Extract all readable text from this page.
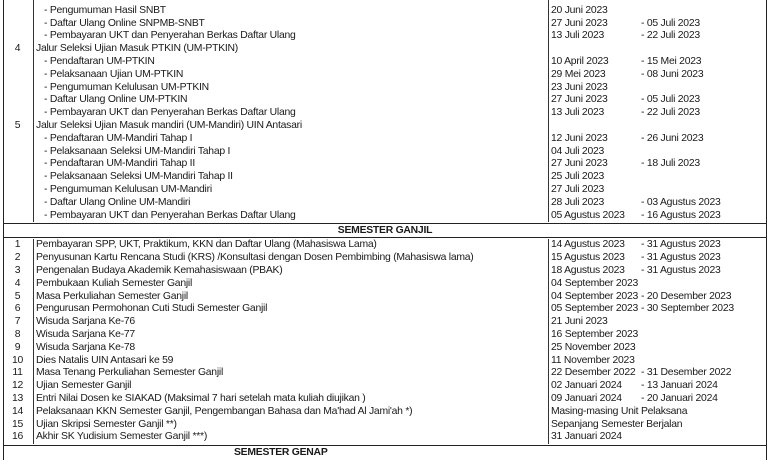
- Pengumuman Hasil SNBT	20 Juni 2023
- Daftar Ulang Online SNPMB-SNBT	27 Juni 2023	- 05 Juli 2023
- Pembayaran UKT dan Penyerahan Berkas Daftar Ulang	13 Juli 2023	- 22 Juli 2023
4	Jalur Seleksi Ujian Masuk PTKIN (UM-PTKIN)
- Pendaftaran UM-PTKIN	10 April 2023	- 15 Mei 2023
- Pelaksanaan Ujian UM-PTKIN	29 Mei 2023	- 08 Juni 2023
- Pengumuman Kelulusan UM-PTKIN	23 Juni 2023
- Daftar Ulang Online UM-PTKIN	27 Juni 2023	- 05 Juli 2023
- Pembayaran UKT dan Penyerahan Berkas Daftar Ulang	13 Juli 2023	- 22 Juli 2023
5	Jalur Seleksi Ujian Masuk mandiri (UM-Mandiri) UIN Antasari
- Pendaftaran UM-Mandiri Tahap I	12 Juni 2023	- 26 Juni 2023
- Pelaksanaan Seleksi UM-Mandiri Tahap I	04 Juli 2023
- Pendaftaran UM-Mandiri Tahap II	27 Juni 2023	- 18 Juli 2023
- Pelaksanaan Seleksi UM-Mandiri Tahap II	25 Juli 2023
- Pengumuman Kelulusan UM-Mandiri	27 Juli 2023
- Daftar Ulang Online UM-Mandiri	28 Juli 2023	- 03 Agustus 2023
- Pembayaran UKT dan Penyerahan Berkas Daftar Ulang	05 Agustus 2023 - 16 Agustus 2023
SEMESTER GANJIL
1	Pembayaran SPP, UKT, Praktikum, KKN dan Daftar Ulang (Mahasiswa Lama)	14 Agustus 2023 - 31 Agustus 2023
2	Penyusunan Kartu Rencana Studi (KRS) /Konsultasi dengan Dosen Pembimbing (Mahasiswa lama)	15 Agustus 2023 - 31 Agustus 2023
3	Pengenalan Budaya Akademik Kemahasiswaan (PBAK)	18 Agustus 2023 - 31 Agustus 2023
4	Pembukaan Kuliah Semester Ganjil	04 September 2023
5	Masa Perkuliahan Semester Ganjil	04 September 2023 - 20 Desember 2023
6	Pengurusan Permohonan Cuti Studi Semester Ganjil	05 September 2023 - 30 September 2023
7	Wisuda Sarjana Ke-76	21 Juni 2023
8	Wisuda Sarjana Ke-77	16 September 2023
9	Wisuda Sarjana Ke-78	25 November 2023
10	Dies Natalis UIN Antasari ke 59	11 November 2023
11	Masa Tenang Perkuliahan Semester Ganjil	22 Desember 2022 - 31 Desember 2022
12	Ujian Semester Ganjil	02 Januari 2024 - 13 Januari 2024
13	Entri Nilai Dosen ke SIAKAD (Maksimal 7 hari setelah mata kuliah diujikan )	09 Januari 2024 - 20 Januari 2024
14	Pelaksanaan KKN Semester Ganjil, Pengembangan Bahasa dan Ma'had Al Jami'ah *)	Masing-masing Unit Pelaksana
15	Ujian Skripsi Semester Ganjil **)	Sepanjang Semester Berjalan
16	Akhir SK Yudisium Semester Ganjil ***)	31 Januari 2024
SEMESTER GENAP
